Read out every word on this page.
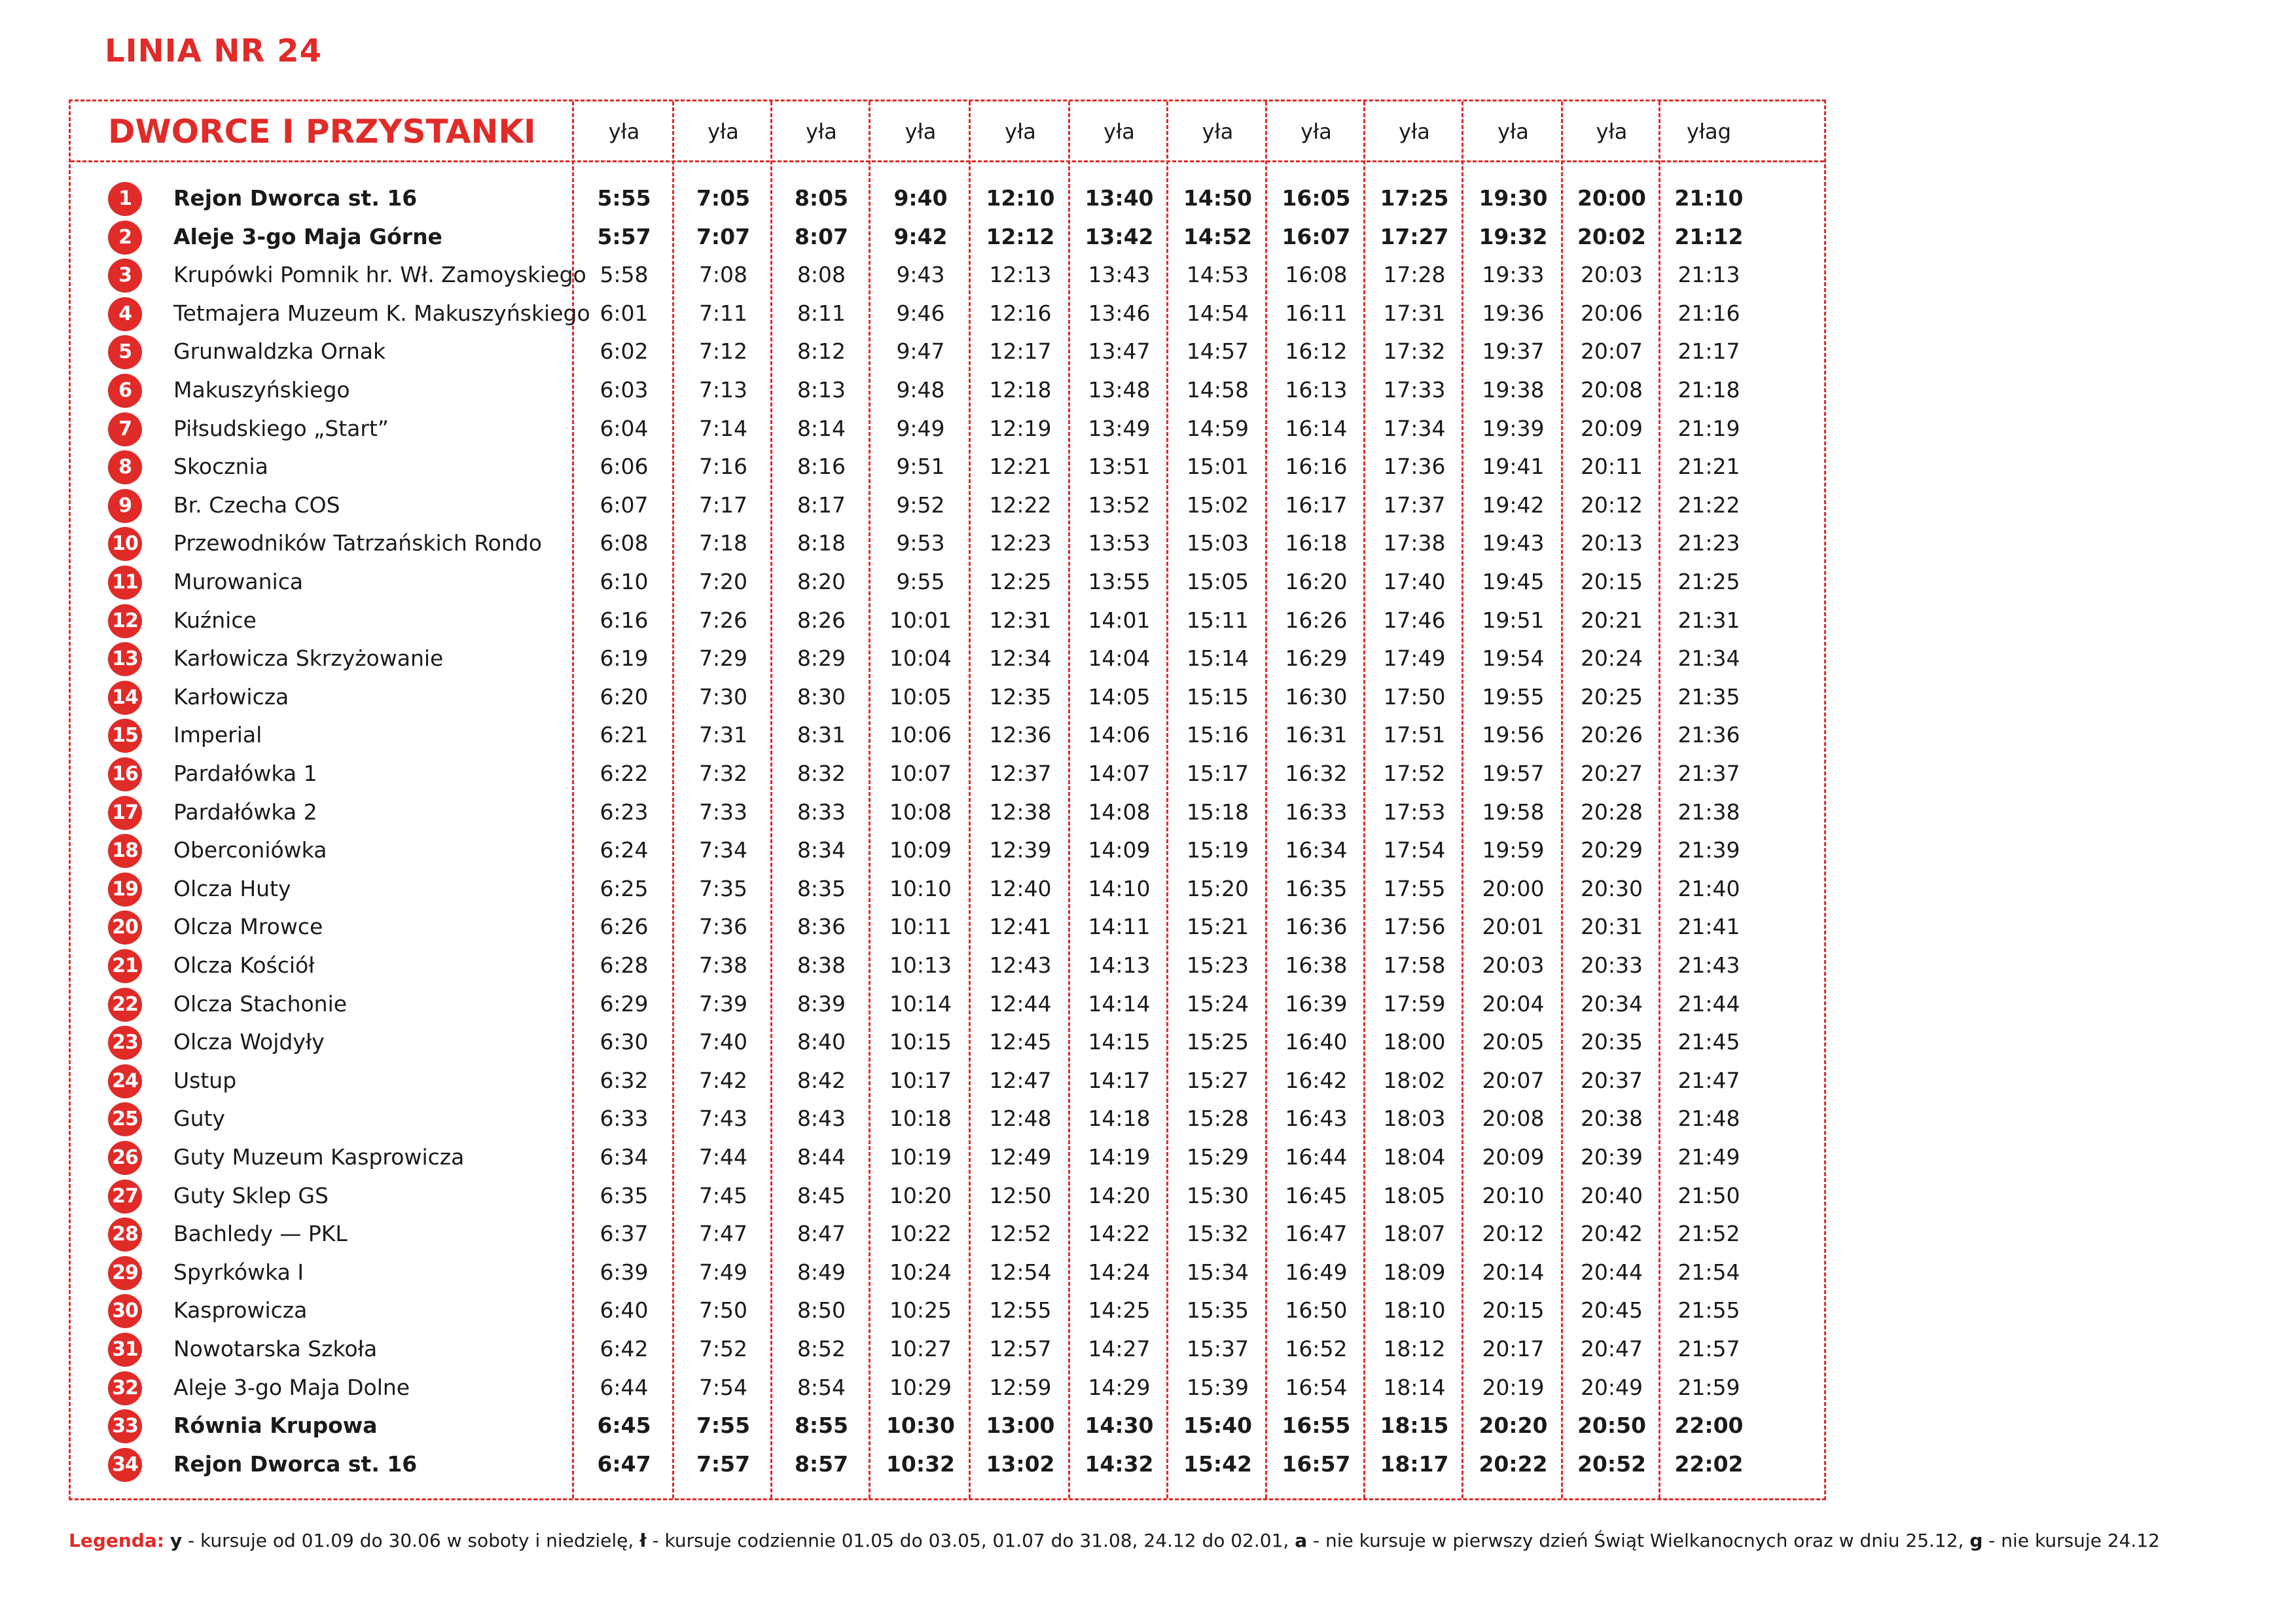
LINIA NR 24
DWORCE I PRZYSTANKI	yła	yła	yła	yła	yła	yła	yła	yła	yła	yła	yła	yłag
1	Rejon Dworca st. 16	5:55	7:05	8:05	9:40	12:10	13:40	14:50	16:05	17:25	19:30	20:00	21:10
2	Aleje 3-go Maja Górne	5:57	7:07	8:07	9:42	12:12	13:42	14:52	16:07	17:27	19:32	20:02	21:12
3	Krupówki Pomnik hr. Wł. Zamoyskiego 5:58	7:08	8:08	9:43	12:13	13:43	14:53	16:08	17:28	19:33	20:03	21:13
4	Tetmajera Muzeum K. Makuszyńskiego 6:01	7:11	8:11	9:46	12:16	13:46	14:54	16:11	17:31	19:36	20:06	21:16
5	Grunwaldzka Ornak	6:02	7:12	8:12	9:47	12:17	13:47	14:57	16:12	17:32	19:37	20:07	21:17
6	Makuszyńskiego	6:03	7:13	8:13	9:48	12:18	13:48	14:58	16:13	17:33	19:38	20:08	21:18
7	Piłsudskiego „Start”	6:04	7:14	8:14	9:49	12:19	13:49	14:59	16:14	17:34	19:39	20:09	21:19
8	Skocznia	6:06	7:16	8:16	9:51	12:21	13:51	15:01	16:16	17:36	19:41	20:11	21:21
9	Br. Czecha COS	6:07	7:17	8:17	9:52	12:22	13:52	15:02	16:17	17:37	19:42	20:12	21:22
10 Przewodników Tatrzańskich Rondo	6:08	7:18	8:18	9:53	12:23	13:53	15:03	16:18	17:38	19:43	20:13	21:23
11 Murowanica	6:10	7:20	8:20	9:55	12:25	13:55	15:05	16:20	17:40	19:45	20:15	21:25
12 Kuźnice	6:16	7:26	8:26	10:01	12:31	14:01	15:11	16:26	17:46	19:51	20:21	21:31
13 Karłowicza Skrzyżowanie	6:19	7:29	8:29	10:04	12:34	14:04	15:14	16:29	17:49	19:54	20:24	21:34
14 Karłowicza	6:20	7:30	8:30	10:05	12:35	14:05	15:15	16:30	17:50	19:55	20:25	21:35
15 Imperial	6:21	7:31	8:31	10:06	12:36	14:06	15:16	16:31	17:51	19:56	20:26	21:36
16 Pardałówka 1	6:22	7:32	8:32	10:07	12:37	14:07	15:17	16:32	17:52	19:57	20:27	21:37
17 Pardałówka 2	6:23	7:33	8:33	10:08	12:38	14:08	15:18	16:33	17:53	19:58	20:28	21:38
18 Oberconiówka	6:24	7:34	8:34	10:09	12:39	14:09	15:19	16:34	17:54	19:59	20:29	21:39
19 Olcza Huty	6:25	7:35	8:35	10:10	12:40	14:10	15:20	16:35	17:55	20:00	20:30	21:40
20 Olcza Mrowce	6:26	7:36	8:36	10:11	12:41	14:11	15:21	16:36	17:56	20:01	20:31	21:41
21 Olcza Kościół	6:28	7:38	8:38	10:13	12:43	14:13	15:23	16:38	17:58	20:03	20:33	21:43
22 Olcza Stachonie	6:29	7:39	8:39	10:14	12:44	14:14	15:24	16:39	17:59	20:04	20:34	21:44
23 Olcza Wojdyły	6:30	7:40	8:40	10:15	12:45	14:15	15:25	16:40	18:00	20:05	20:35	21:45
24 Ustup	6:32	7:42	8:42	10:17	12:47	14:17	15:27	16:42	18:02	20:07	20:37	21:47
25 Guty	6:33	7:43	8:43	10:18	12:48	14:18	15:28	16:43	18:03	20:08	20:38	21:48
26 Guty Muzeum Kasprowicza	6:34	7:44	8:44	10:19	12:49	14:19	15:29	16:44	18:04	20:09	20:39	21:49
27 Guty Sklep GS	6:35	7:45	8:45	10:20	12:50	14:20	15:30	16:45	18:05	20:10	20:40	21:50
28 Bachledy — PKL	6:37	7:47	8:47	10:22	12:52	14:22	15:32	16:47	18:07	20:12	20:42	21:52
29 Spyrkówka I	6:39	7:49	8:49	10:24	12:54	14:24	15:34	16:49	18:09	20:14	20:44	21:54
30 Kasprowicza	6:40	7:50	8:50	10:25	12:55	14:25	15:35	16:50	18:10	20:15	20:45	21:55
31 Nowotarska Szkoła	6:42	7:52	8:52	10:27	12:57	14:27	15:37	16:52	18:12	20:17	20:47	21:57
32 Aleje 3-go Maja Dolne	6:44	7:54	8:54	10:29	12:59	14:29	15:39	16:54	18:14	20:19	20:49	21:59
33 Równia Krupowa	6:45	7:55	8:55	10:30	13:00	14:30	15:40	16:55	18:15	20:20	20:50	22:00
34 Rejon Dworca st. 16	6:47	7:57	8:57	10:32	13:02	14:32	15:42	16:57	18:17	20:22	20:52	22:02
Legenda: y - kursuje od 01.09 do 30.06 w soboty i niedzielę, ł - kursuje codziennie 01.05 do 03.05, 01.07 do 31.08, 24.12 do 02.01, a - nie kursuje w pierwszy dzień Świąt Wielkanocnych oraz w dniu 25.12, g - nie kursuje 24.12
